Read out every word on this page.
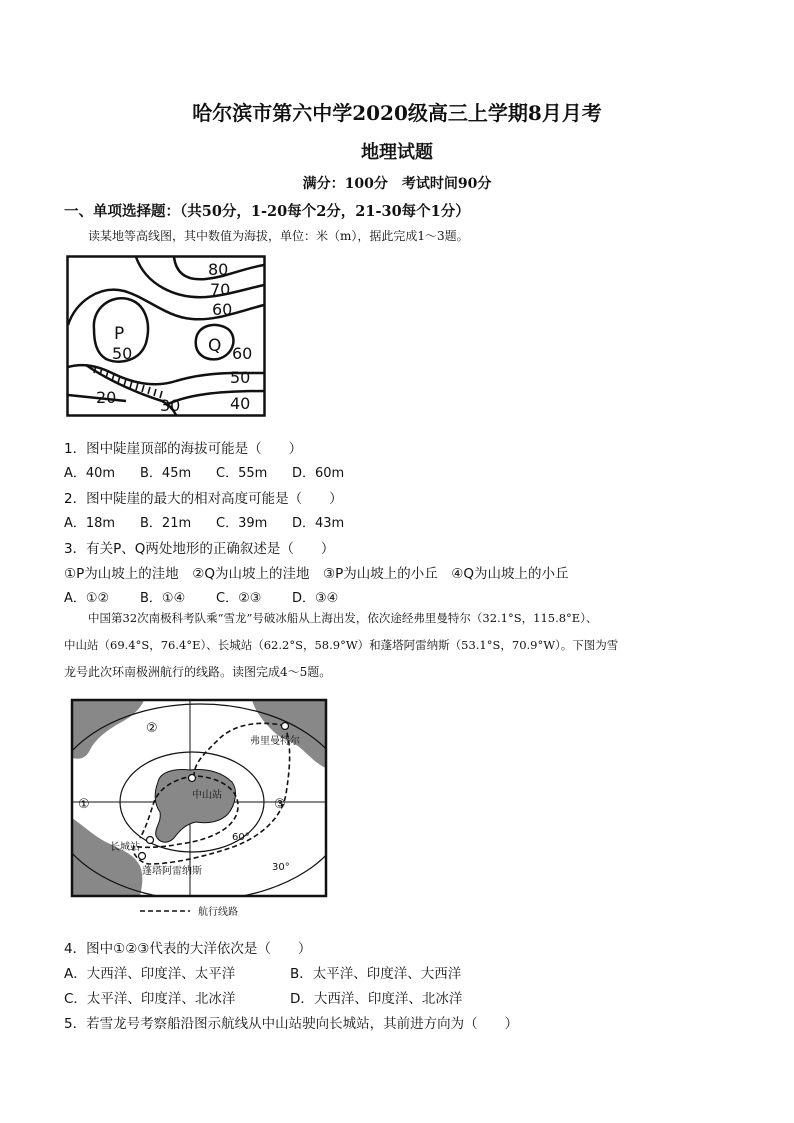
哈尔滨市第六中学2020级高三上学期8月月考
地理试题
满分：100分　考试时间90分
一、单项选择题：（共50分，1-20每个2分，21-30每个1分）
读某地等高线图，其中数值为海拔，单位：米（m），据此完成1～3题。
80
70
60
P
50	Q 60
50
40
20	30
1．图中陡崖顶部的海拔可能是（　　）
A．40m B．45m C．55m D．60m
2．图中陡崖的最大的相对高度可能是（　　）
A．18m B．21m C．39m D．43m
3．有关P、Q两处地形的正确叙述是（　　）
①P为山坡上的洼地　②Q为山坡上的洼地　③P为山坡上的小丘　④Q为山坡上的小丘
A．①② B．①④ C．②③ D．③④
中国第32次南极科考队乘“雪龙”号破冰船从上海出发，依次途经弗里曼特尔（32.1°S，115.8°E）、
中山站（69.4°S，76.4°E）、长城站（62.2°S，58.9°W）和蓬塔阿雷纳斯（53.1°S，70.9°W）。下图为雪
龙号此次环南极洲航行的线路。读图完成4～5题。
①
②
③
弗里曼特尔
中山站
长城站
蓬塔阿雷纳斯
60°
30°
航行线路
4．图中①②③代表的大洋依次是（　　）
A．大西洋、印度洋、太平洋	B．太平洋、印度洋、大西洋
C．太平洋、印度洋、北冰洋	D．大西洋、印度洋、北冰洋
5．若雪龙号考察船沿图示航线从中山站驶向长城站，其前进方向为（　　）
